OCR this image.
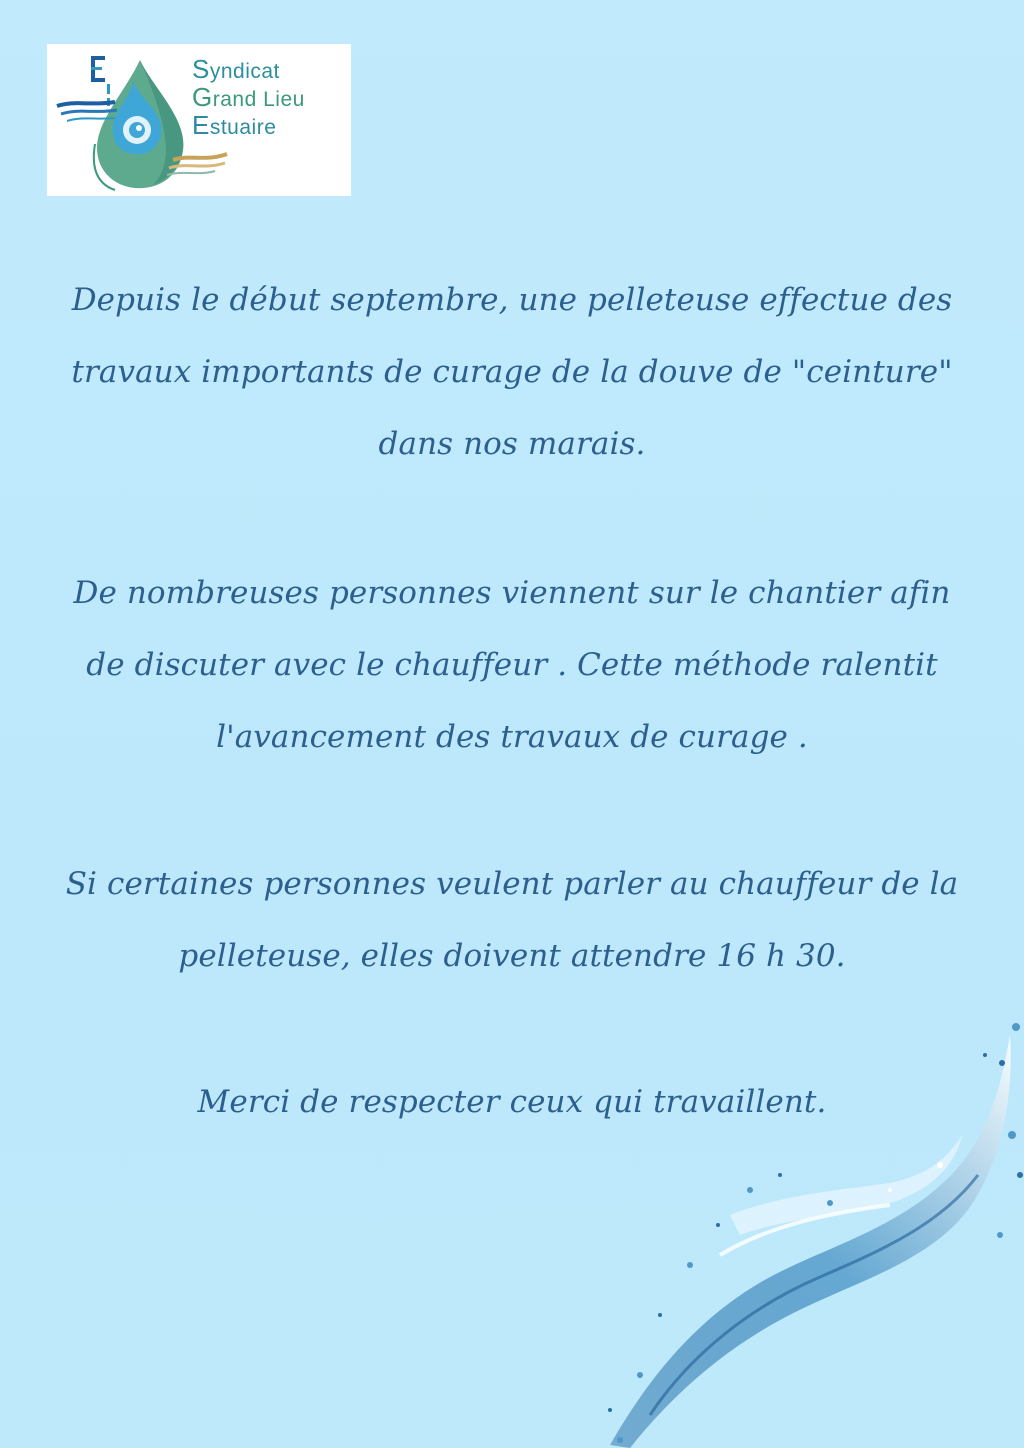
Syndicat
Grand Lieu
Estuaire
Depuis le début septembre, une pelleteuse effectue des
travaux importants de curage de la douve de "ceinture"
dans nos marais.
De nombreuses personnes viennent sur le chantier afin
de discuter avec le chauffeur . Cette méthode ralentit
l'avancement des travaux de curage .
Si certaines personnes veulent parler au chauffeur de la
pelleteuse, elles doivent attendre 16 h 30.
Merci de respecter ceux qui travaillent.
